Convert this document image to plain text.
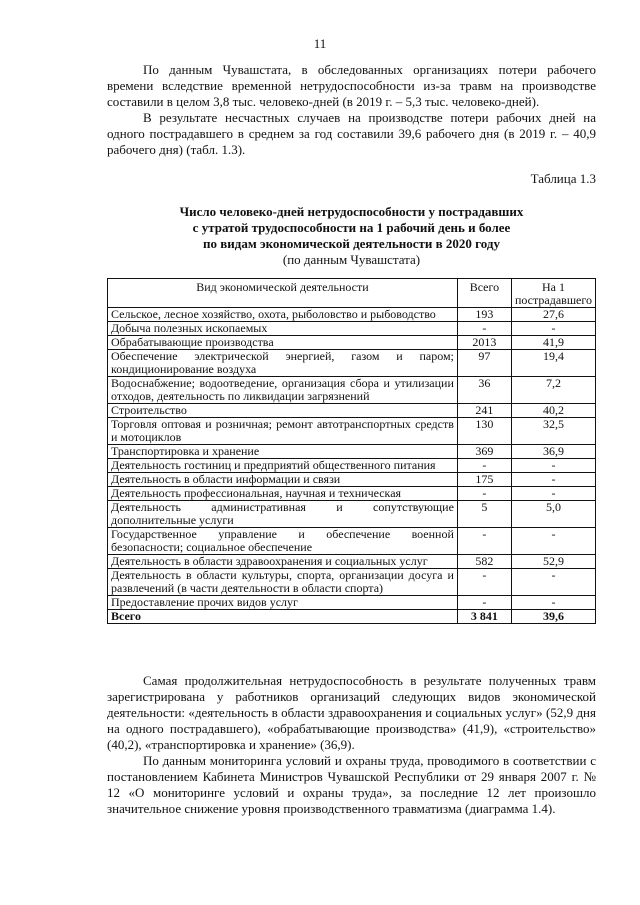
11

По данным Чувашстата, в обследованных организациях потери рабочего времени вследствие временной нетрудоспособности из-за травм на производстве составили в целом 3,8 тыс. человеко-дней (в 2019 г. – 5,3 тыс. человеко-дней).

В результате несчастных случаев на производстве потери рабочих дней на одного пострадавшего в среднем за год составили 39,6 рабочего дня (в 2019 г. – 40,9 рабочего дня) (табл. 1.3).

Таблица 1.3
Число человеко-дней нетрудоспособности у пострадавших
с утратой трудоспособности на 1 рабочий день и более
по видам экономической деятельности в 2020 году
(по данным Чувашстата)
Вид экономической деятельности	Всего	На 1 пострадавшего
Сельское, лесное хозяйство, охота, рыболовство и рыбоводство	193	27,6
Добыча полезных ископаемых	-	-
Обрабатывающие производства	2013	41,9
Обеспечение электрической энергией, газом и паром; кондиционирование воздуха	97	19,4
Водоснабжение; водоотведение, организация сбора и утилизации отходов, деятельность по ликвидации загрязнений	36	7,2
Строительство	241	40,2
Торговля оптовая и розничная; ремонт автотранспортных средств и мотоциклов	130	32,5
Транспортировка и хранение	369	36,9
Деятельность гостиниц и предприятий общественного питания	-	-
Деятельность в области информации и связи	175	-
Деятельность профессиональная, научная и техническая	-	-
Деятельность административная и сопутствующие дополнительные услуги	5	5,0
Государственное управление и обеспечение военной безопасности; социальное обеспечение	-	-
Деятельность в области здравоохранения и социальных услуг	582	52,9
Деятельность в области культуры, спорта, организации досуга и развлечений (в части деятельности в области спорта)	-	-
Предоставление прочих видов услуг	-	-
Всего	3 841	39,6

Самая продолжительная нетрудоспособность в результате полученных травм зарегистрирована у работников организаций следующих видов экономической деятельности: «деятельность в области здравоохранения и социальных услуг» (52,9 дня на одного пострадавшего), «обрабатывающие производства» (41,9), «строительство» (40,2), «транспортировка и хранение» (36,9).

По данным мониторинга условий и охраны труда, проводимого в соответствии с постановлением Кабинета Министров Чувашской Республики от 29 января 2007 г. № 12 «О мониторинге условий и охраны труда», за последние 12 лет произошло значительное снижение уровня производственного травматизма (диаграмма 1.4).
